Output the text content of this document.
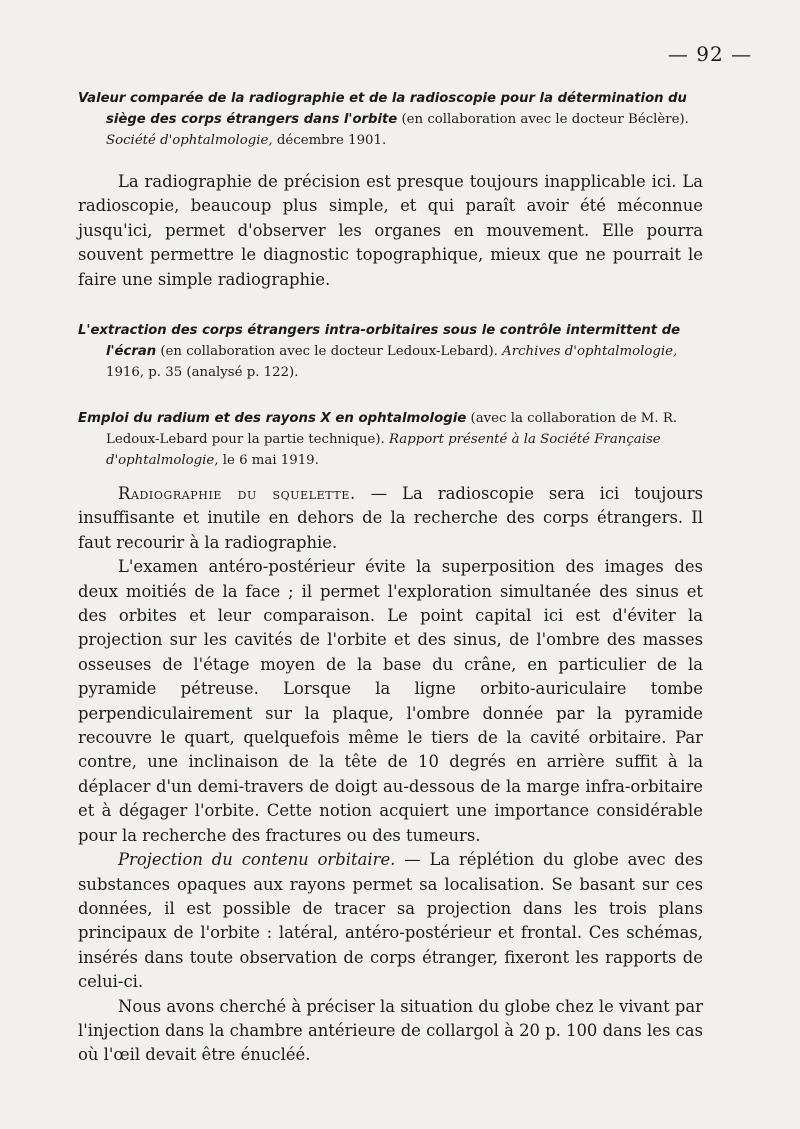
— 92 —

Valeur comparée de la radiographie et de la radioscopie pour la détermination du siège des corps étrangers dans l'orbite (en collaboration avec le docteur Béclère). Société d'ophtalmologie, décembre 1901.

La radiographie de précision est presque toujours inapplicable ici. La radioscopie, beaucoup plus simple, et qui paraît avoir été méconnue jusqu'ici, permet d'observer les organes en mouvement. Elle pourra souvent permettre le diagnostic topographique, mieux que ne pourrait le faire une simple radiographie.

L'extraction des corps étrangers intra-orbitaires sous le contrôle intermittent de l'écran (en collaboration avec le docteur Ledoux-Lebard). Archives d'ophtalmologie, 1916, p. 35 (analysé p. 122).

Emploi du radium et des rayons X en ophtalmologie (avec la collaboration de M. R. Ledoux-Lebard pour la partie technique). Rapport présenté à la Société Française d'ophtalmologie, le 6 mai 1919.

Radiographie du squelette. — La radioscopie sera ici toujours insuffisante et inutile en dehors de la recherche des corps étrangers. Il faut recourir à la radiographie.

L'examen antéro-postérieur évite la superposition des images des deux moitiés de la face ; il permet l'exploration simultanée des sinus et des orbites et leur comparaison. Le point capital ici est d'éviter la projection sur les cavités de l'orbite et des sinus, de l'ombre des masses osseuses de l'étage moyen de la base du crâne, en particulier de la pyramide pétreuse. Lorsque la ligne orbito-auriculaire tombe perpendiculairement sur la plaque, l'ombre donnée par la pyramide recouvre le quart, quelquefois même le tiers de la cavité orbitaire. Par contre, une inclinaison de la tête de 10 degrés en arrière suffit à la déplacer d'un demi-travers de doigt au-dessous de la marge infra-orbitaire et à dégager l'orbite. Cette notion acquiert une importance considérable pour la recherche des fractures ou des tumeurs.

Projection du contenu orbitaire. — La réplétion du globe avec des substances opaques aux rayons permet sa localisation. Se basant sur ces données, il est possible de tracer sa projection dans les trois plans principaux de l'orbite : latéral, antéro-postérieur et frontal. Ces schémas, insérés dans toute observation de corps étranger, fixeront les rapports de celui-ci.

Nous avons cherché à préciser la situation du globe chez le vivant par l'injection dans la chambre antérieure de collargol à 20 p. 100 dans les cas où l'œil devait être énucléé.
